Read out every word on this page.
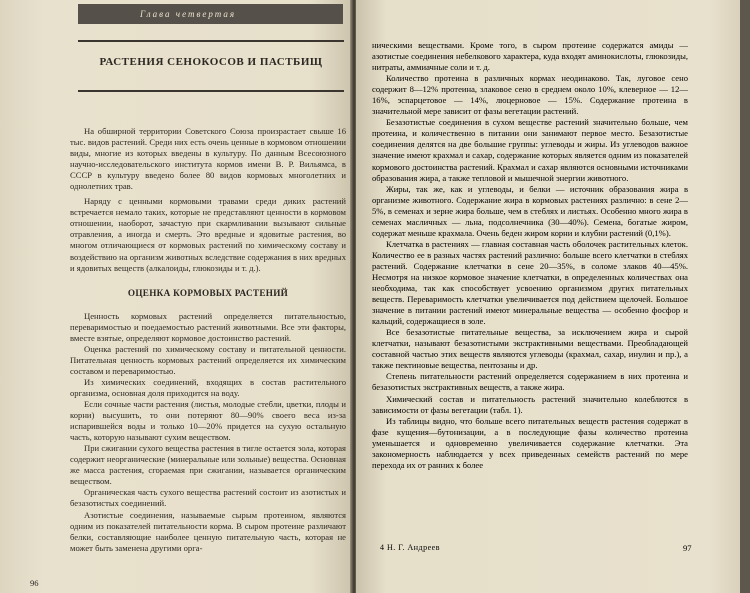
Глава четвертая
РАСТЕНИЯ СЕНОКОСОВ И ПАСТБИЩ

На обширной территории Советского Союза произрастает свыше 16 тыс. видов растений. Среди них есть очень ценные в кормовом отношении виды, многие из которых введены в культуру. По данным Всесоюзного научно-исследовательского института кормов имени В. Р. Вильямса, в СССР в культуру введено более 80 видов кормовых многолетних и однолетних трав.

Наряду с ценными кормовыми травами среди диких растений встречается немало таких, которые не представляют ценности в кормовом отношении, наоборот, зачастую при скармливании вызывают сильные отравления, а иногда и смерть. Это вредные и ядовитые растения, во многом отличающиеся от кормовых растений по химическому составу и воздействию на организм животных вследствие содержания в них вредных и ядовитых веществ (алкалоиды, глюкозиды и т. д.).

ОЦЕНКА КОРМОВЫХ РАСТЕНИЙ

Ценность кормовых растений определяется питательностью, переваримостью и поедаемостью растений животными. Все эти факторы, вместе взятые, определяют кормовое достоинство растений.

Оценка растений по химическому составу и питательной ценности. Питательная ценность кормовых растений определяется их химическим составом и переваримостью.

Из химических соединений, входящих в состав растительного организма, основная доля приходится на воду.

Если сочные части растения (листья, молодые стебли, цветки, плоды и корни) высушить, то они потеряют 80—90% своего веса из-за испарившейся воды и только 10—20% придется на сухую остальную часть, которую называют сухим веществом.

При сжигании сухого вещества растения в тигле остается зола, которая содержит неорганические (минеральные или зольные) вещества. Основная же масса растения, сгораемая при сжигании, называется органическим веществом.

Органическая часть сухого вещества растений состоит из азотистых и безазотистых соединений.

Азотистые соединения, называемые сырым протеином, являются одним из показателей питательности корма. В сыром протеине различают белки, составляющие наиболее ценную питательную часть, которая не может быть заменена другими орга-

96

ническими веществами. Кроме того, в сыром протеине содержатся амиды — азотистые соединения небелкового характера, куда входят аминокислоты, глюкозиды, нитраты, аммиачные соли и т. д.

Количество протеина в различных кормах неодинаково. Так, луговое сено содержит 8—12% протеина, злаковое сено в среднем около 10%, клеверное — 12—16%, эспарцетовое — 14%, люцерновое — 15%. Содержание протеина в значительной мере зависит от фазы вегетации растений.

Безазотистые соединения в сухом веществе растений значительно больше, чем протеина, и количественно в питании они занимают первое место. Безазотистые соединения делятся на две большие группы: углеводы и жиры. Из углеводов важное значение имеют крахмал и сахар, содержание которых является одним из показателей кормового достоинства растений. Крахмал и сахар являются основными источниками образования жира, а также тепловой и мышечной энергии животного.

Жиры, так же, как и углеводы, и белки — источник образования жира в организме животного. Содержание жира в кормовых растениях различно: в сене 2—5%, в семенах и зерне жира больше, чем в стеблях и листьях. Особенно много жира в семенах масличных — льна, подсолнечника (30—40%). Семена, богатые жиром, содержат меньше крахмала. Очень беден жиром корни и клубни растений (0,1%).

Клетчатка в растениях — главная составная часть оболочек растительных клеток. Количество ее в разных частях растений различно: больше всего клетчатки в стеблях растений. Содержание клетчатки в сене 20—35%, в соломе злаков 40—45%. Несмотря на низкое кормовое значение клетчатки, в определенных количествах она необходима, так как способствует усвоению организмом других питательных веществ. Переваримость клетчатки увеличивается под действием щелочей. Большое значение в питании растений имеют минеральные вещества — особенно фосфор и кальций, содержащиеся в золе.

Все безазотистые питательные вещества, за исключением жира и сырой клетчатки, называют безазотистыми экстрактивными веществами. Преобладающей составной частью этих веществ являются углеводы (крахмал, сахар, инулин и пр.), а также пектиновые вещества, пентозаны и др.

Степень питательности растений определяется содержанием в них протеина и безазотистых экстрактивных веществ, а также жира.

Химический состав и питательность растений значительно колеблются в зависимости от фазы вегетации (табл. 1).

Из таблицы видно, что больше всего питательных веществ растения содержат в фазе кущения—бутонизации, а в последующие фазы количество протеина уменьшается и одновременно увеличивается содержание клетчатки. Эта закономерность наблюдается у всех приведенных семейств растений по мере перехода их от ранних к более

4 Н. Г. Андреев	97
